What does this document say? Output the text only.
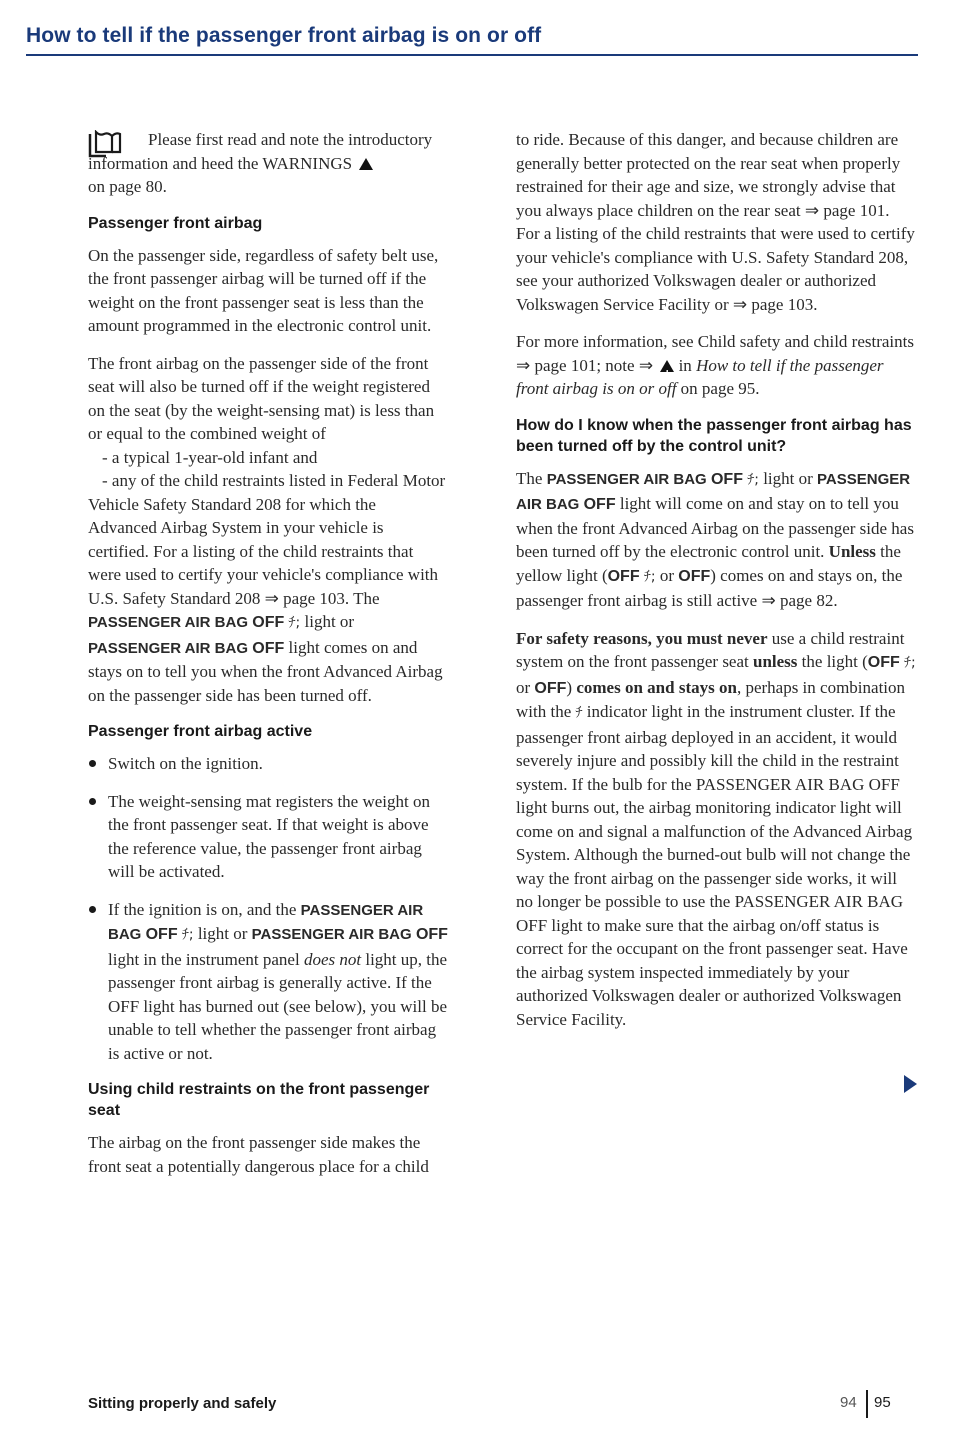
How to tell if the passenger front airbag is on or off

Please first read and note the introductory information and heed the WARNINGS !
on page 80.

Passenger front airbag

On the passenger side, regardless of safety belt use, the front passenger airbag will be turned off if the weight on the front passenger seat is less than the amount programmed in the electronic control unit.

The front airbag on the passenger side of the front seat will also be turned off if the weight registered on the seat (by the weight-sensing mat) is less than or equal to the combined weight of
- a typical 1-year-old infant and
- any of the child restraints listed in Federal Motor Vehicle Safety Standard 208 for which the Advanced Airbag System in your vehicle is certified. For a listing of the child restraints that were used to certify your vehicle's compliance with U.S. Safety Standard 208 ⇒ page 103. The PASSENGER AIR BAG OFF ﾁ; light or PASSENGER AIR BAG OFF light comes on and stays on to tell you when the front Advanced Airbag on the passenger side has been turned off.

Passenger front airbag active
Switch on the ignition.
The weight-sensing mat registers the weight on the front passenger seat. If that weight is above the reference value, the passenger front airbag will be activated.
If the ignition is on, and the PASSENGER AIR BAG OFF ﾁ; light or PASSENGER AIR BAG OFF light in the instrument panel does not light up, the passenger front airbag is generally active. If the OFF light has burned out (see below), you will be unable to tell whether the passenger front airbag is active or not.
Using child restraints on the front passenger seat

The airbag on the front passenger side makes the front seat a potentially dangerous place for a child

to ride. Because of this danger, and because children are generally better protected on the rear seat when properly restrained for their age and size, we strongly advise that you always place children on the rear seat ⇒ page 101. For a listing of the child restraints that were used to certify your vehicle's compliance with U.S. Safety Standard 208, see your authorized Volkswagen dealer or authorized Volkswagen Service Facility or ⇒ page 103.

For more information, see Child safety and child restraints ⇒ page 101; note ⇒ ! in How to tell if the passenger front airbag is on or off on page 95.

How do I know when the passenger front airbag has been turned off by the control unit?

The PASSENGER AIR BAG OFF ﾁ; light or PASSENGER AIR BAG OFF light will come on and stay on to tell you when the front Advanced Airbag on the passenger side has been turned off by the electronic control unit. Unless the yellow light (OFF ﾁ; or OFF) comes on and stays on, the passenger front airbag is still active ⇒ page 82.

For safety reasons, you must never use a child restraint system on the front passenger seat unless the light (OFF ﾁ; or OFF) comes on and stays on, perhaps in combination with the ﾁ indicator light in the instrument cluster. If the passenger front airbag deployed in an accident, it would severely injure and possibly kill the child in the restraint system. If the bulb for the PASSENGER AIR BAG OFF light burns out, the airbag monitoring indicator light will come on and signal a malfunction of the Advanced Airbag System. Although the burned-out bulb will not change the way the front airbag on the passenger side works, it will no longer be possible to use the PASSENGER AIR BAG OFF light to make sure that the airbag on/off status is correct for the occupant on the front passenger seat. Have the airbag system inspected immediately by your authorized Volkswagen dealer or authorized Volkswagen Service Facility.

Sitting properly and safely	94 95
